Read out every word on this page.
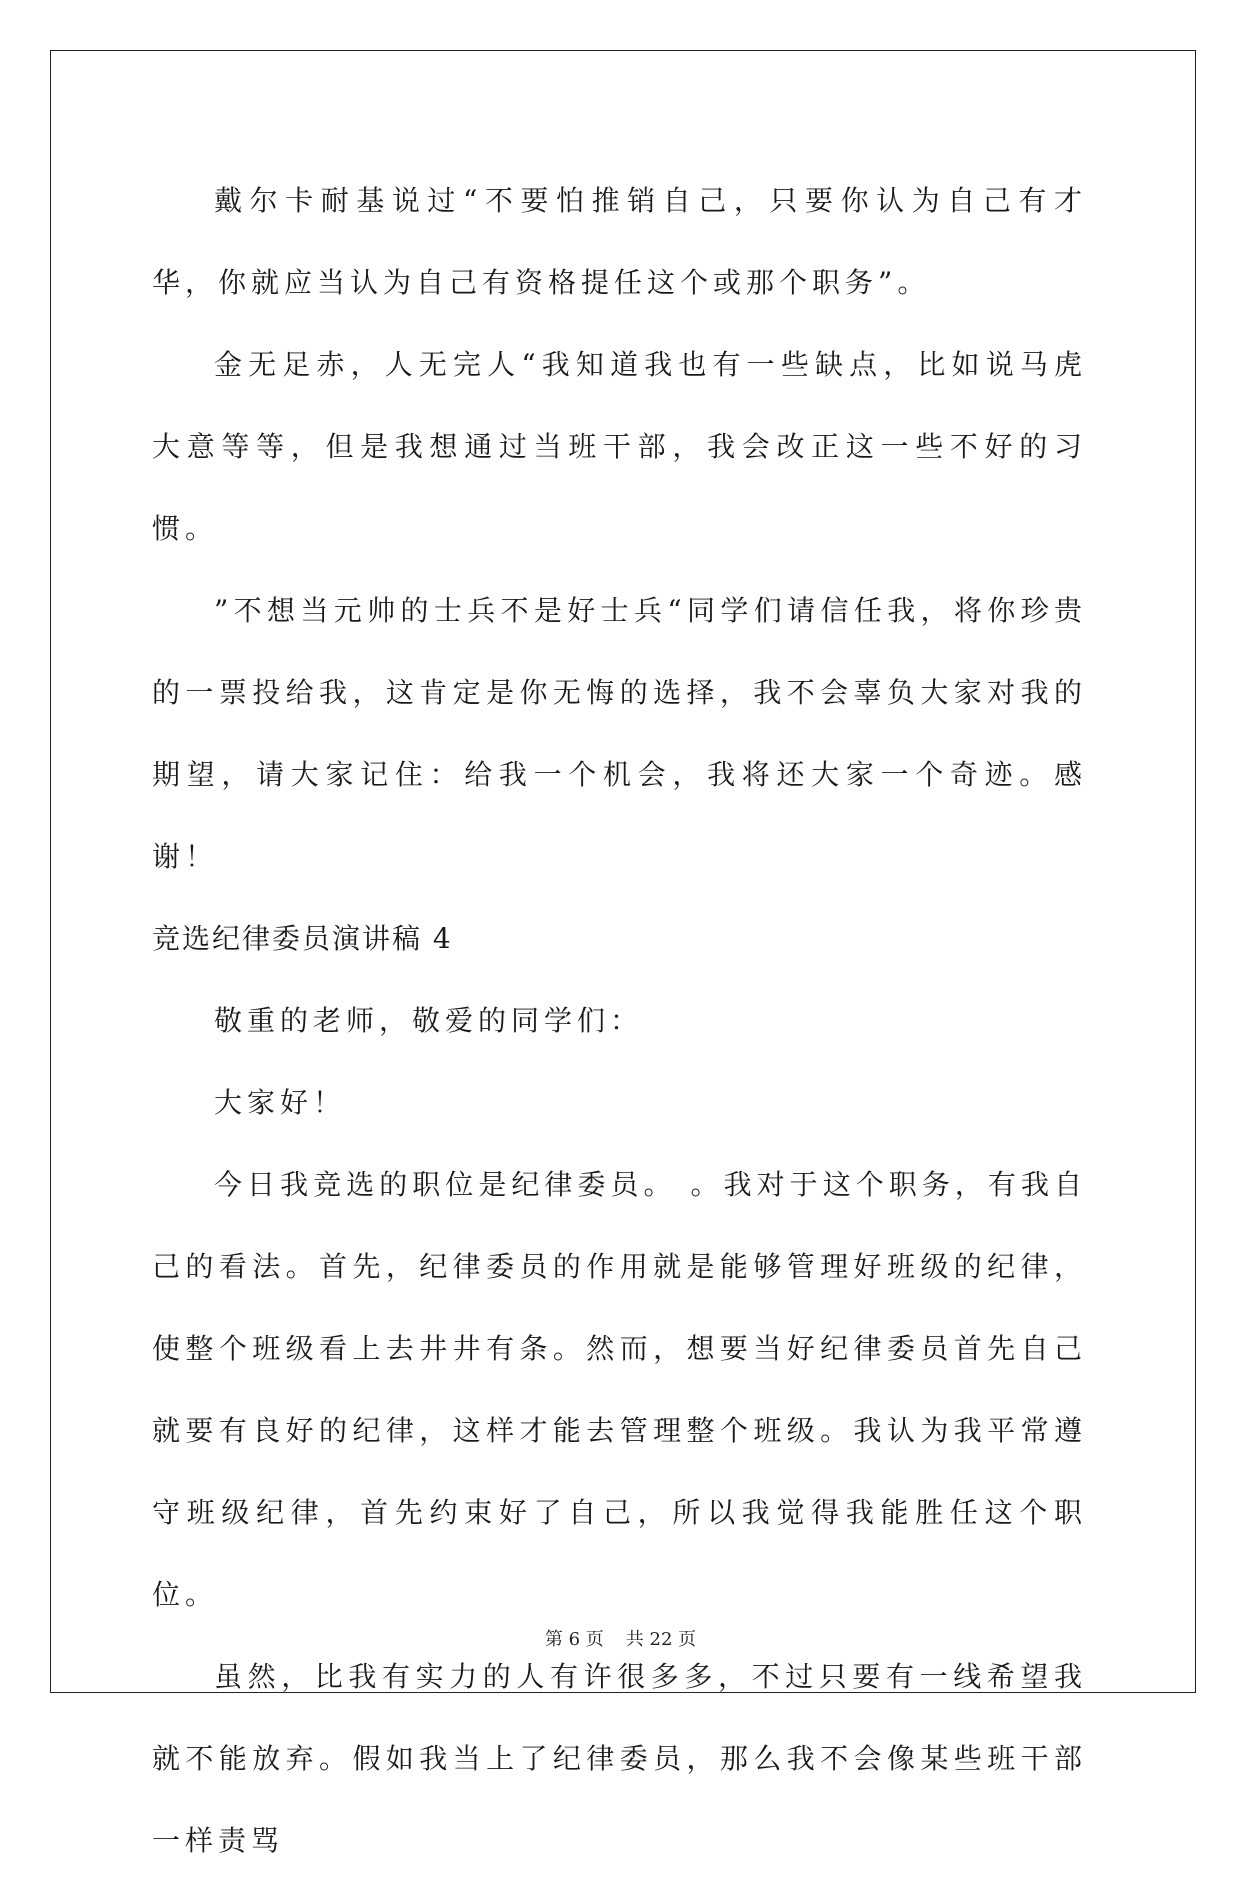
戴尔卡耐基说过“不要怕推销自己，只要你认为自己有才华，你就应当认为自己有资格提任这个或那个职务”。

金无足赤，人无完人“我知道我也有一些缺点，比如说马虎大意等等，但是我想通过当班干部，我会改正这一些不好的习惯。

”不想当元帅的士兵不是好士兵“同学们请信任我，将你珍贵的一票投给我，这肯定是你无悔的选择，我不会辜负大家对我的期望，请大家记住：给我一个机会，我将还大家一个奇迹。感谢！

竞选纪律委员演讲稿 4

敬重的老师，敬爱的同学们：

大家好！

今日我竞选的职位是纪律委员。 。我对于这个职务，有我自己的看法。首先，纪律委员的作用就是能够管理好班级的纪律，使整个班级看上去井井有条。然而，想要当好纪律委员首先自己就要有良好的纪律，这样才能去管理整个班级。我认为我平常遵守班级纪律，首先约束好了自己，所以我觉得我能胜任这个职位。

虽然，比我有实力的人有许很多多，不过只要有一线希望我就不能放弃。假如我当上了纪律委员，那么我不会像某些班干部一样责骂

第 6 页 共 22 页
